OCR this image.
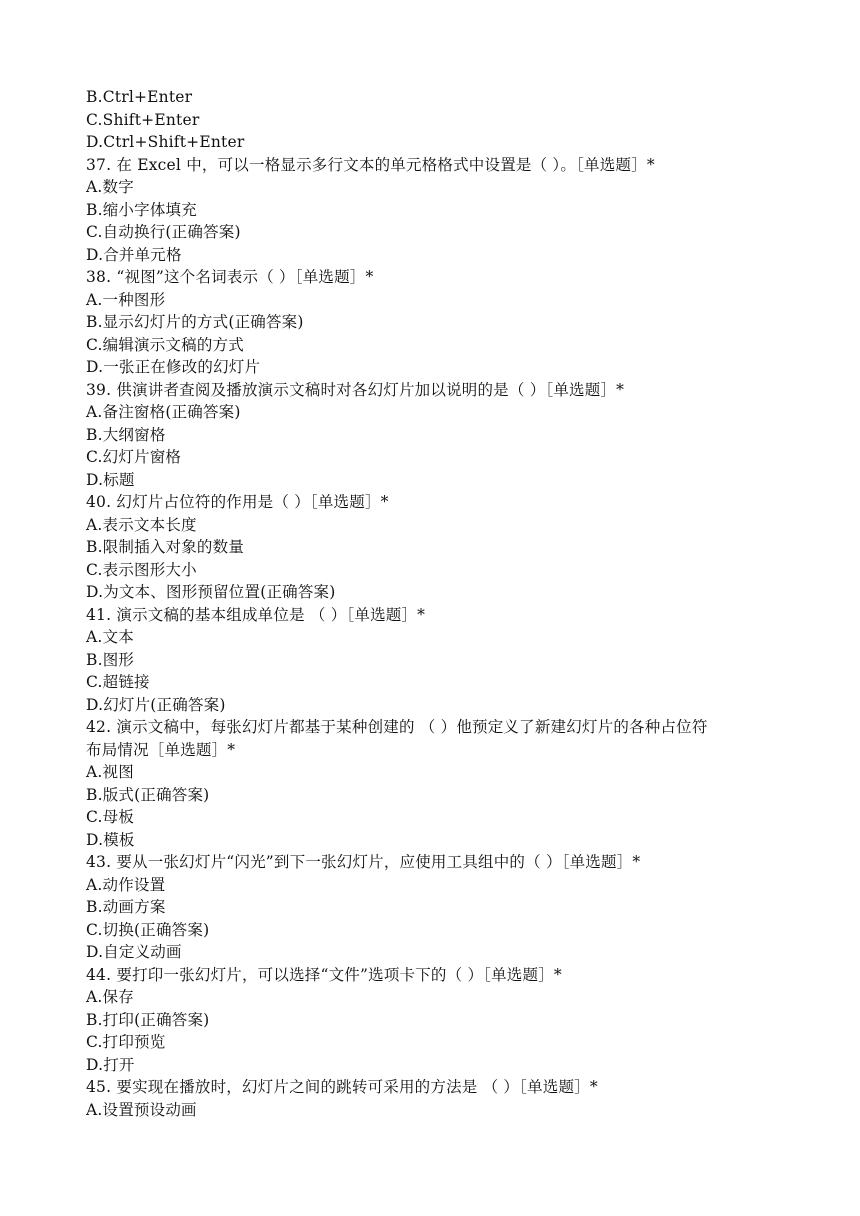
B.Ctrl+Enter
C.Shift+Enter
D.Ctrl+Shift+Enter
37. 在 Excel 中，可以一格显示多行文本的单元格格式中设置是（ ）。［单选题］*
A.数字
B.缩小字体填充
C.自动换行(正确答案)
D.合并单元格
38. “视图”这个名词表示（ ）［单选题］*
A.一种图形
B.显示幻灯片的方式(正确答案)
C.编辑演示文稿的方式
D.一张正在修改的幻灯片
39. 供演讲者查阅及播放演示文稿时对各幻灯片加以说明的是（ ）［单选题］*
A.备注窗格(正确答案)
B.大纲窗格
C.幻灯片窗格
D.标题
40. 幻灯片占位符的作用是（ ）［单选题］*
A.表示文本长度
B.限制插入对象的数量
C.表示图形大小
D.为文本、图形预留位置(正确答案)
41. 演示文稿的基本组成单位是 （ ）［单选题］*
A.文本
B.图形
C.超链接
D.幻灯片(正确答案)
42. 演示文稿中，每张幻灯片都基于某种创建的 （ ）他预定义了新建幻灯片的各种占位符
布局情况［单选题］*
A.视图
B.版式(正确答案)
C.母板
D.模板
43. 要从一张幻灯片“闪光”到下一张幻灯片，应使用工具组中的（ ）［单选题］*
A.动作设置
B.动画方案
C.切换(正确答案)
D.自定义动画
44. 要打印一张幻灯片，可以选择“文件”选项卡下的（ ）［单选题］*
A.保存
B.打印(正确答案)
C.打印预览
D.打开
45. 要实现在播放时，幻灯片之间的跳转可采用的方法是 （ ）［单选题］*
A.设置预设动画
